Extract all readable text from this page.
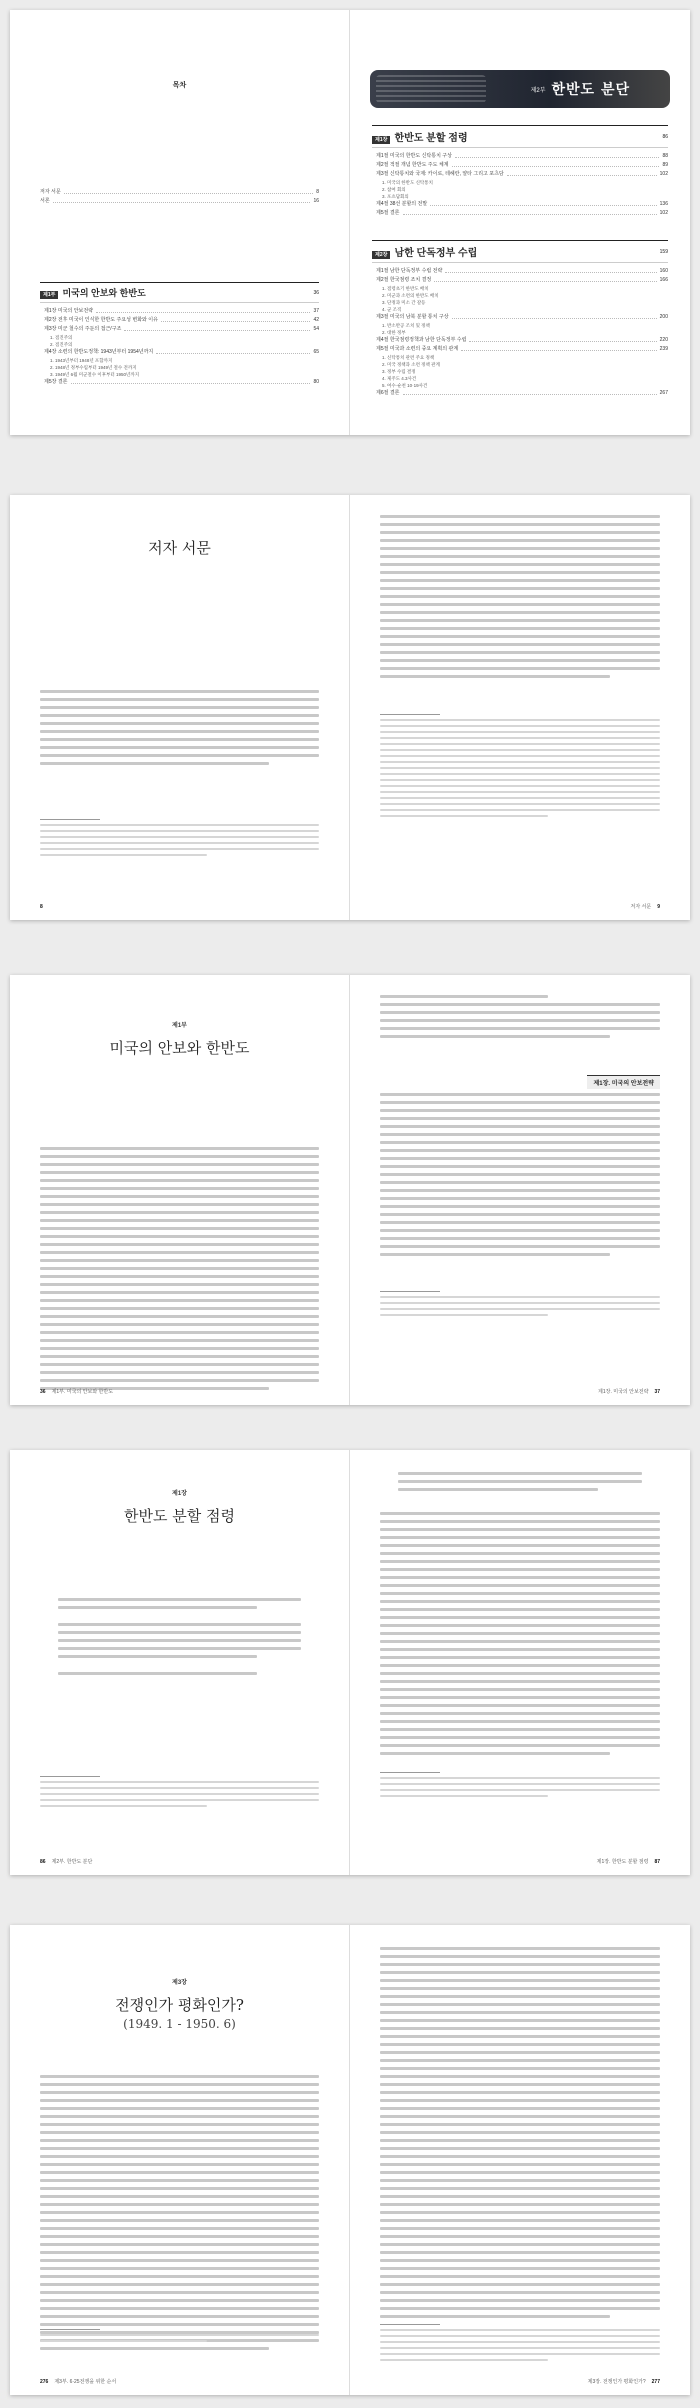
목차
저자 서문	8
서론	16
제1부 미국의 안보와 한반도	36
제1장 미국의 안보전략	37
제2장 전후 미국이 인식한 한반도 주요성 변화와 이유	42
제3장 미군 철수의 주둔의 접근/구조	54
1. 점진주의
2. 점진주의
제4장 소련의 한반도정책: 1943년부터 1954년까지	65
1. 1943년부터 1948년 포함까지
2. 1948년 정부수립부터 1949년 철수 전까지
3. 1949년 6월 미군철수 이후부터 1950년까지
제5장 결론	80
제2부 한반도 분단
제1장 한반도 분할 점령	86
제1절 미국의 한반도 신탁통치 구상	88
제2절 적절 개념 한반도 주도 체계	89
제3절 신탁통치와 국제: 카이로, 테헤란, 얄타 그리고 포츠담	102
1. 미국의 한반도 신탁통치
2. 참여 회의
3. 포츠담회의
제4절 38선 분할의 전말	136
제5절 결론	102
제2장 남한 단독정부 수립	159
제1절 남한 단독정부 수립 전략	160
제2절 한국점령 조치 결정	166
1. 점령초기 한반도 배치
2. 미군과 소련의 한반도 배치
3. 단정과 미소 간 갈등
4. 군 조직
제3절 미국의 남북 분할 통치 구상	200
1. 반소반공 조치 및 정책
2. 대한 정부
제4절 한국점령정책과 남한 단독정부 수립	220
제5절 미국과 소련의 중요 계획의 관계	239
1. 신탁통치 관련 주요 정책
2. 미국 정책과 소련 정책 관계
3. 정부 수립 결정
4. 제주도 4.3사건
5. 여수·순천 10·19사건
제6절 결론	267
저자 서문
8	저자 서문 9
제1부
미국의 안보와 한반도
36 제1부. 미국의 안보와 한반도
제1장. 미국의 안보전략
제1장. 미국의 안보전략 37
제1장
한반도 분할 점령
86 제2부. 한반도 분단	제1장. 한반도 분할 점령 87
제3장
전쟁인가 평화인가?
(1949. 1 - 1950. 6)
276 제3부. 6·25전쟁을 위한 순서	제3장. 전쟁인가 평화인가? 277
